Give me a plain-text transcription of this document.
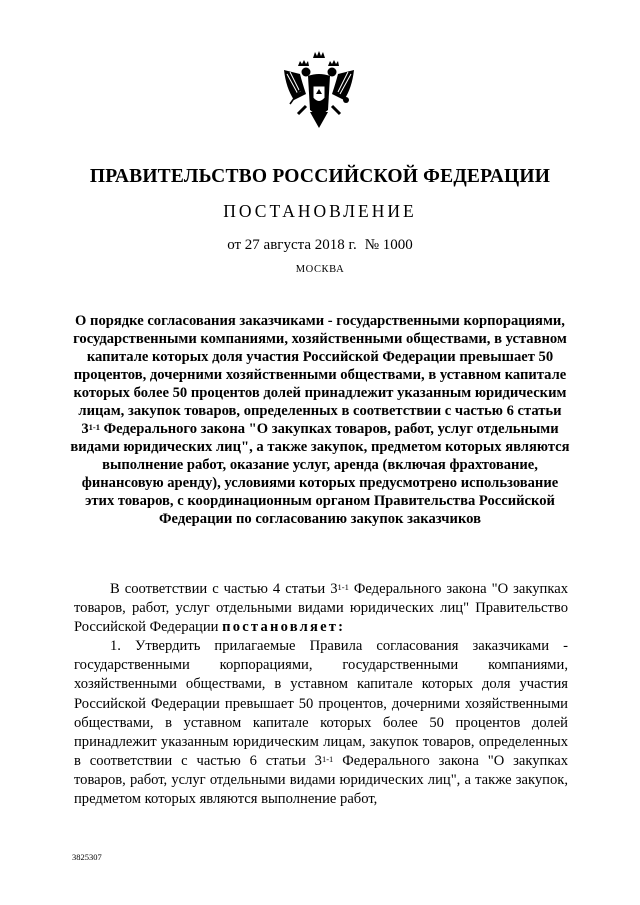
ПРАВИТЕЛЬСТВО РОССИЙСКОЙ ФЕДЕРАЦИИ
ПОСТАНОВЛЕНИЕ
от 27 августа 2018 г. № 1000
МОСКВА
О порядке согласования заказчиками - государственными корпорациями, государственными компаниями, хозяйственными обществами, в уставном капитале которых доля участия Российской Федерации превышает 50 процентов, дочерними хозяйственными обществами, в уставном капитале которых более 50 процентов долей принадлежит указанным юридическим лицам, закупок товаров, определенных в соответствии с частью 6 статьи 3$^{1-1}$ Федерального закона "О закупках товаров, работ, услуг отдельными видами юридических лиц", а также закупок, предметом которых являются выполнение работ, оказание услуг, аренда (включая фрахтование, финансовую аренду), условиями которых предусмотрено использование этих товаров, с координационным органом Правительства Российской Федерации по согласованию закупок заказчиков

В соответствии с частью 4 статьи 3$^{1-1}$ Федерального закона "О закупках товаров, работ, услуг отдельными видами юридических лиц" Правительство Российской Федерации постановляет:

1. Утвердить прилагаемые Правила согласования заказчиками - государственными корпорациями, государственными компаниями, хозяйственными обществами, в уставном капитале которых доля участия Российской Федерации превышает 50 процентов, дочерними хозяйственными обществами, в уставном капитале которых более 50 процентов долей принадлежит указанным юридическим лицам, закупок товаров, определенных в соответствии с частью 6 статьи 3$^{1-1}$ Федерального закона "О закупках товаров, работ, услуг отдельными видами юридических лиц", а также закупок, предметом которых являются выполнение работ,

3825307
